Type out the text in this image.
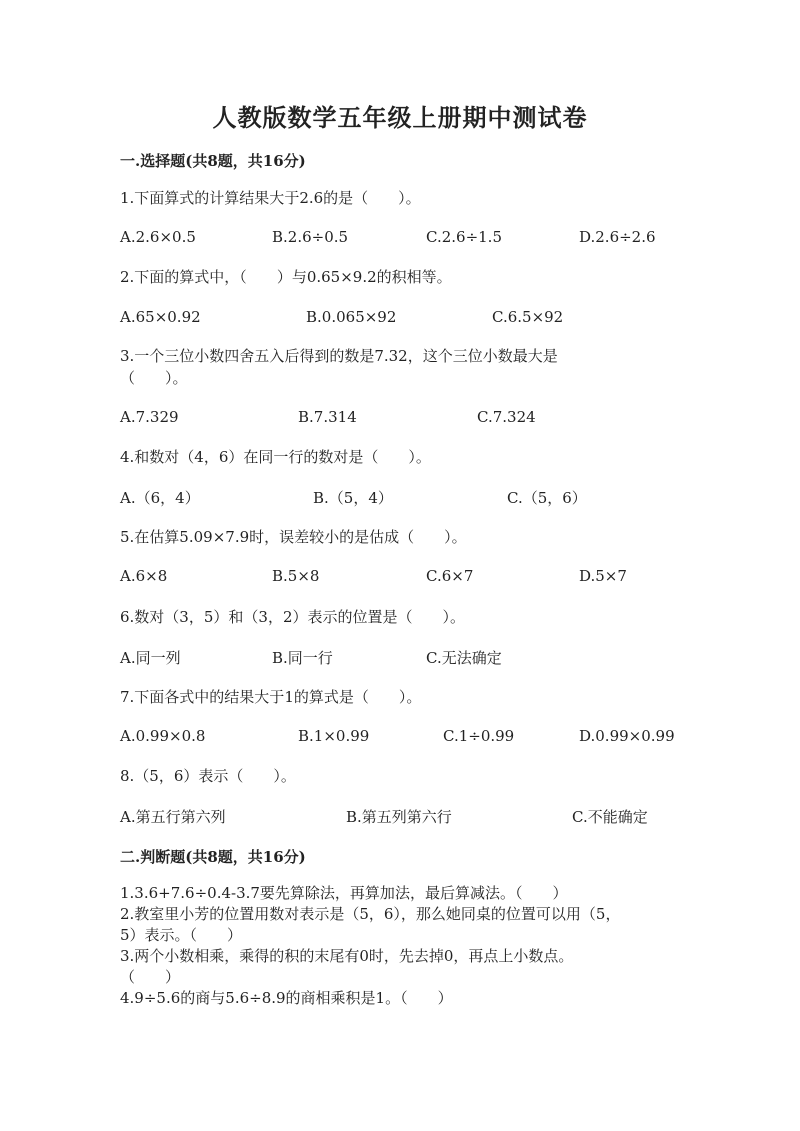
人教版数学五年级上册期中测试卷
一.选择题(共8题，共16分)
1.下面算式的计算结果大于2.6的是（　　）。
A.2.6×0.5	B.2.6÷0.5	C.2.6÷1.5	D.2.6÷2.6
2.下面的算式中，（　　）与0.65×9.2的积相等。
A.65×0.92	B.0.065×92	C.6.5×92
3.一个三位小数四舍五入后得到的数是7.32，这个三位小数最大是
（　　）。
A.7.329	B.7.314	C.7.324
4.和数对（4，6）在同一行的数对是（　　）。
A.（6，4）	B.（5，4）	C.（5，6）
5.在估算5.09×7.9时，误差较小的是估成（　　）。
A.6×8	B.5×8	C.6×7	D.5×7
6.数对（3，5）和（3，2）表示的位置是（　　）。
A.同一列	B.同一行	C.无法确定
7.下面各式中的结果大于1的算式是（　　）。
A.0.99×0.8	B.1×0.99	C.1÷0.99	D.0.99×0.99
8.（5，6）表示（　　）。
A.第五行第六列	B.第五列第六行	C.不能确定
二.判断题(共8题，共16分)
1.3.6+7.6÷0.4-3.7要先算除法，再算加法，最后算减法。（　　）
2.教室里小芳的位置用数对表示是（5，6），那么她同桌的位置可以用（5，
5）表示。（　　）
3.两个小数相乘，乘得的积的末尾有0时，先去掉0，再点上小数点。
（　　）
4.9÷5.6的商与5.6÷8.9的商相乘积是1。（　　）
